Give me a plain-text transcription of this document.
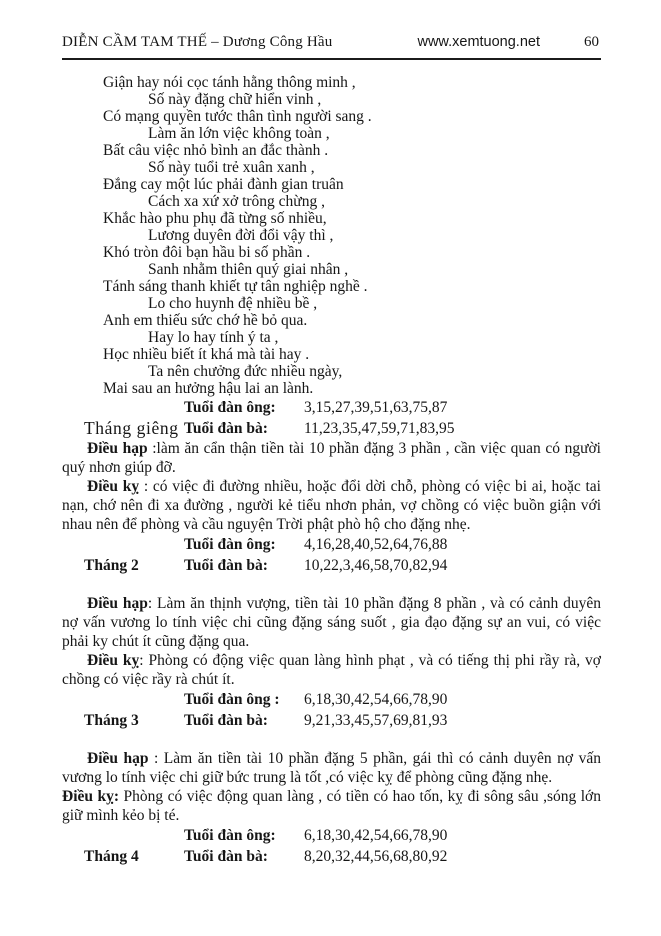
DIỄN CẦM TAM THẾ – Dương Công Hầu	www.xemtuong.net	60
Giận hay nói cọc tánh hằng thông minh ,
Số này đặng chữ hiển vinh ,
Có mạng quyền tước thân tình người sang .
Làm ăn lớn việc không toàn ,
Bất câu việc nhỏ bình an đắc thành .
Số này tuổi trẻ xuân xanh ,
Đắng cay một lúc phải đành gian truân
Cách xa xứ xở trông chừng ,
Khắc hào phu phụ đã từng số nhiều,
Lương duyên đời đổi vậy thì ,
Khó tròn đôi bạn hầu bi số phần .
Sanh nhằm thiên quý giai nhân ,
Tánh sáng thanh khiết tự tân nghiệp nghề .
Lo cho huynh đệ nhiều bề ,
Anh em thiếu sức chớ hề bỏ qua.
Hay lo hay tính ý ta ,
Học nhiều biết ít khá mà tài hay .
Ta nên chưởng đức nhiều ngày,
Mai sau an hưởng hậu lai an lành.
Tuổi đàn ông:	3,15,27,39,51,63,75,87
Tháng giêng Tuổi đàn bà:	11,23,35,47,59,71,83,95
Điều hạp :làm ăn cẩn thận tiền tài 10 phần đặng 3 phần , cần việc quan có người quý nhơn giúp đỡ.
Điều kỵ : có việc đi đường nhiều, hoặc đổi dời chỗ, phòng có việc bi ai, hoặc tai nạn, chớ nên đi xa đường , người kẻ tiểu nhơn phản, vợ chồng có việc buồn giận với nhau nên để phòng và cầu nguyện Trời phật phò hộ cho đặng nhẹ.
Tuổi đàn ông:	4,16,28,40,52,64,76,88
Tháng 2	Tuổi đàn bà:	10,22,3,46,58,70,82,94
Điều hạp: Làm ăn thịnh vượng, tiền tài 10 phần đặng 8 phần , và có cảnh duyên nợ vấn vương lo tính việc chi cũng đặng sáng suốt , gia đạo đặng sự an vui, có việc phải ky chút ít cũng đặng qua.
Điều kỵ: Phòng có động việc quan làng hình phạt , và có tiếng thị phi rầy rà, vợ chồng có việc rầy rà chút ít.
Tuổi đàn ông :	6,18,30,42,54,66,78,90
Tháng 3	Tuổi đàn bà:	9,21,33,45,57,69,81,93
Điều hạp : Làm ăn tiền tài 10 phần đặng 5 phần, gái thì có cảnh duyên nợ vấn vương lo tính việc chi giữ bức trung là tốt ,có việc kỵ để phòng cũng đặng nhẹ.
Điều kỵ: Phòng có việc động quan làng , có tiền có hao tốn, kỵ đi sông sâu ,sóng lớn giữ mình kẻo bị té.
Tuổi đàn ông:	6,18,30,42,54,66,78,90
Tháng 4	Tuổi đàn bà:	8,20,32,44,56,68,80,92
